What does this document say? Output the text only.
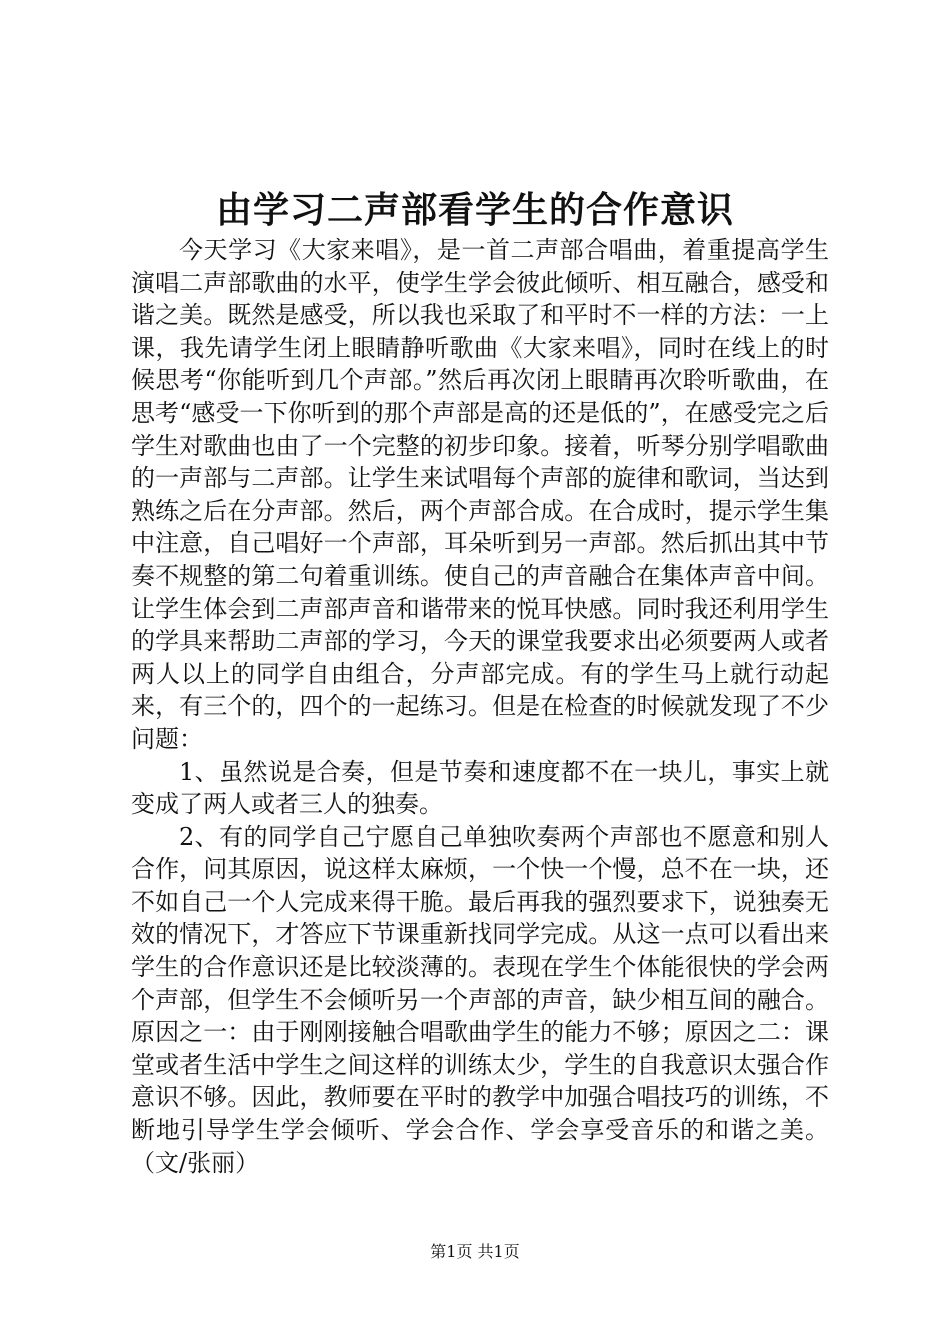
由学习二声部看学生的合作意识

今天学习《大家来唱》，是一首二声部合唱曲，着重提高学生演唱二声部歌曲的水平，使学生学会彼此倾听、相互融合，感受和谐之美。既然是感受，所以我也采取了和平时不一样的方法：一上课，我先请学生闭上眼睛静听歌曲《大家来唱》，同时在线上的时候思考“你能听到几个声部。”然后再次闭上眼睛再次聆听歌曲，在思考“感受一下你听到的那个声部是高的还是低的”，在感受完之后学生对歌曲也由了一个完整的初步印象。接着，听琴分别学唱歌曲的一声部与二声部。让学生来试唱每个声部的旋律和歌词，当达到熟练之后在分声部。然后，两个声部合成。在合成时，提示学生集中注意，自己唱好一个声部，耳朵听到另一声部。然后抓出其中节奏不规整的第二句着重训练。使自己的声音融合在集体声音中间。让学生体会到二声部声音和谐带来的悦耳快感。同时我还利用学生的学具来帮助二声部的学习，今天的课堂我要求出必须要两人或者两人以上的同学自由组合，分声部完成。有的学生马上就行动起来，有三个的，四个的一起练习。但是在检查的时候就发现了不少问题：

1、虽然说是合奏，但是节奏和速度都不在一块儿，事实上就变成了两人或者三人的独奏。

2、有的同学自己宁愿自己单独吹奏两个声部也不愿意和别人合作，问其原因，说这样太麻烦，一个快一个慢，总不在一块，还不如自己一个人完成来得干脆。最后再我的强烈要求下，说独奏无效的情况下，才答应下节课重新找同学完成。从这一点可以看出来学生的合作意识还是比较淡薄的。表现在学生个体能很快的学会两个声部，但学生不会倾听另一个声部的声音，缺少相互间的融合。原因之一：由于刚刚接触合唱歌曲学生的能力不够；原因之二：课堂或者生活中学生之间这样的训练太少，学生的自我意识太强合作意识不够。因此，教师要在平时的教学中加强合唱技巧的训练，不断地引导学生学会倾听、学会合作、学会享受音乐的和谐之美。（文/张丽）

第1页 共1页
